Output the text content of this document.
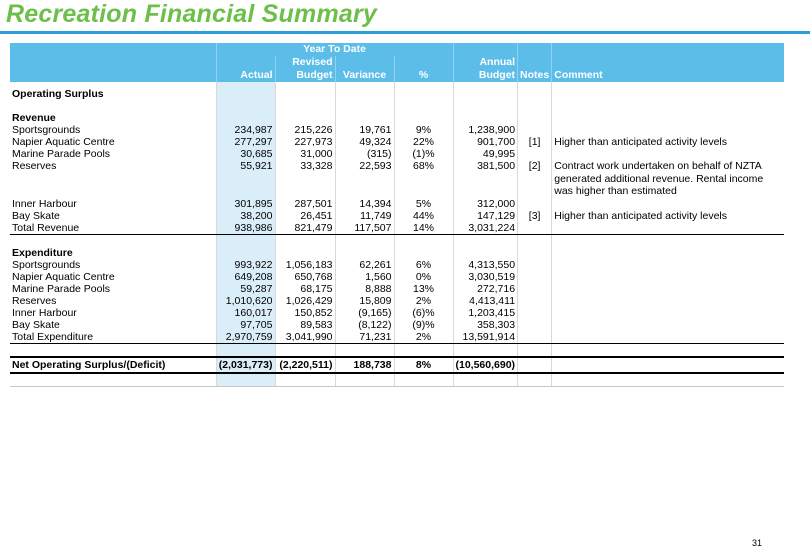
Recreation Financial Summary
	Year To Date						
		Revised			Annual		
	Actual	Budget	Variance	%	Budget	Notes	Comment

Operating Surplus							

Revenue							
Sportsgrounds	234,987	215,226	19,761	9%	1,238,900		
Napier Aquatic Centre	277,297	227,973	49,324	22%	901,700	[1]	Higher than anticipated activity levels
Marine Parade Pools	30,685	31,000	(315)	(1)%	49,995		
Reserves	55,921	33,328	22,593	68%	381,500	[2]	Contract work undertaken on behalf of NZTA generated additional revenue. Rental income was higher than estimated
Inner Harbour	301,895	287,501	14,394	5%	312,000		
Bay Skate	38,200	26,451	11,749	44%	147,129	[3]	Higher than anticipated activity levels
Total Revenue	938,986	821,479	117,507	14%	3,031,224		

Expenditure							
Sportsgrounds	993,922	1,056,183	62,261	6%	4,313,550		
Napier Aquatic Centre	649,208	650,768	1,560	0%	3,030,519		
Marine Parade Pools	59,287	68,175	8,888	13%	272,716		
Reserves	1,010,620	1,026,429	15,809	2%	4,413,411		
Inner Harbour	160,017	150,852	(9,165)	(6)%	1,203,415		
Bay Skate	97,705	89,583	(8,122)	(9)%	358,303		
Total Expenditure	2,970,759	3,041,990	71,231	2%	13,591,914		

Net Operating Surplus/(Deficit)	(2,031,773)	(2,220,511)	188,738	8%	(10,560,690)		

31
